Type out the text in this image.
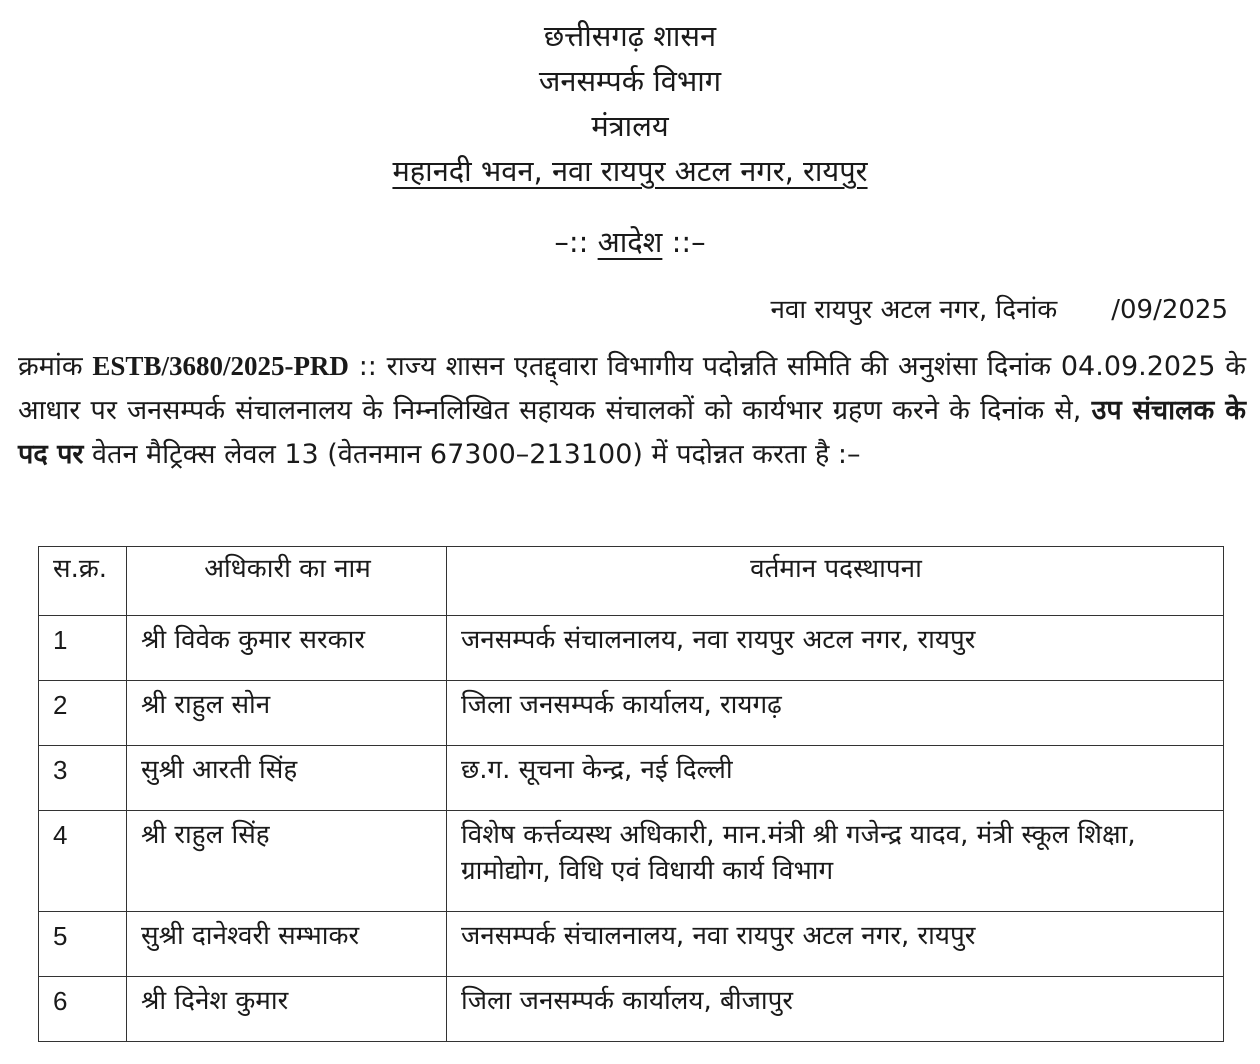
छत्तीसगढ़ शासन
जनसम्पर्क विभाग
मंत्रालय
महानदी भवन, नवा रायपुर अटल नगर, रायपुर
–:: आदेश ::–
नवा रायपुर अटल नगर, दिनांक /09/2025
क्रमांक ESTB/3680/2025-PRD :: राज्य शासन एतद्द्वारा विभागीय पदोन्नति समिति की अनुशंसा दिनांक 04.09.2025 के आधार पर जनसम्पर्क संचालनालय के निम्नलिखित सहायक संचालकों को कार्यभार ग्रहण करने के दिनांक से, उप संचालक के पद पर वेतन मैट्रिक्स लेवल 13 (वेतनमान 67300–213100) में पदोन्नत करता है :–
स.क्र.	अधिकारी का नाम	वर्तमान पदस्थापना
1	श्री विवेक कुमार सरकार	जनसम्पर्क संचालनालय, नवा रायपुर अटल नगर, रायपुर
2	श्री राहुल सोन	जिला जनसम्पर्क कार्यालय, रायगढ़
3	सुश्री आरती सिंह	छ.ग. सूचना केन्द्र, नई दिल्ली
4	श्री राहुल सिंह	विशेष कर्त्तव्यस्थ अधिकारी, मान.मंत्री श्री गजेन्द्र यादव, मंत्री स्कूल शिक्षा, ग्रामोद्योग, विधि एवं विधायी कार्य विभाग
5	सुश्री दानेश्वरी सम्भाकर	जनसम्पर्क संचालनालय, नवा रायपुर अटल नगर, रायपुर
6	श्री दिनेश कुमार	जिला जनसम्पर्क कार्यालय, बीजापुर
